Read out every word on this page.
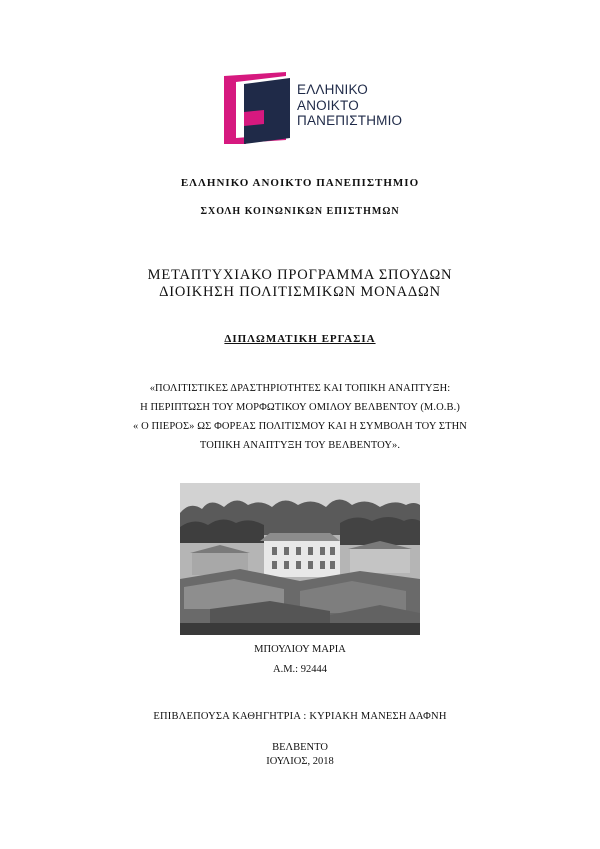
ΕΛΛΗΝΙΚΟ
ΑΝΟΙΚΤΟ
ΠΑΝΕΠΙΣΤΗΜΙΟ
ΕΛΛΗΝΙΚΟ ΑΝΟΙΚΤΟ ΠΑΝΕΠΙΣΤΗΜΙΟ
ΣΧΟΛΗ ΚΟΙΝΩΝΙΚΩΝ ΕΠΙΣΤΗΜΩΝ
ΜΕΤΑΠΤΥΧΙΑΚΟ ΠΡΟΓΡΑΜΜΑ ΣΠΟΥΔΩΝ
ΔΙΟΙΚΗΣΗ ΠΟΛΙΤΙΣΜΙΚΩΝ ΜΟΝΑΔΩΝ
ΔΙΠΛΩΜΑΤΙΚΗ ΕΡΓΑΣΙΑ
«ΠΟΛΙΤΙΣΤΙΚΕΣ ΔΡΑΣΤΗΡΙΟΤΗΤΕΣ ΚΑΙ ΤΟΠΙΚΗ ΑΝΑΠΤΥΞΗ:
Η ΠΕΡΙΠΤΩΣΗ ΤΟΥ ΜΟΡΦΩΤΙΚΟΥ ΟΜΙΛΟΥ ΒΕΛΒΕΝΤΟΥ (Μ.Ο.Β.)
« Ο ΠΙΕΡΟΣ» ΩΣ ΦΟΡΕΑΣ ΠΟΛΙΤΙΣΜΟΥ ΚΑΙ Η ΣΥΜΒΟΛΗ ΤΟΥ ΣΤΗΝ
ΤΟΠΙΚΗ ΑΝΑΠΤΥΞΗ ΤΟΥ ΒΕΛΒΕΝΤΟΥ».
ΜΠΟΥΛΙΟΥ ΜΑΡΙΑ
Α.Μ.: 92444
ΕΠΙΒΛΕΠΟΥΣΑ ΚΑΘΗΓΗΤΡΙΑ : ΚΥΡΙΑΚΗ ΜΑΝΕΣΗ ΔΑΦΝΗ
ΒΕΛΒΕΝΤΟ
ΙΟΥΛΙΟΣ, 2018
